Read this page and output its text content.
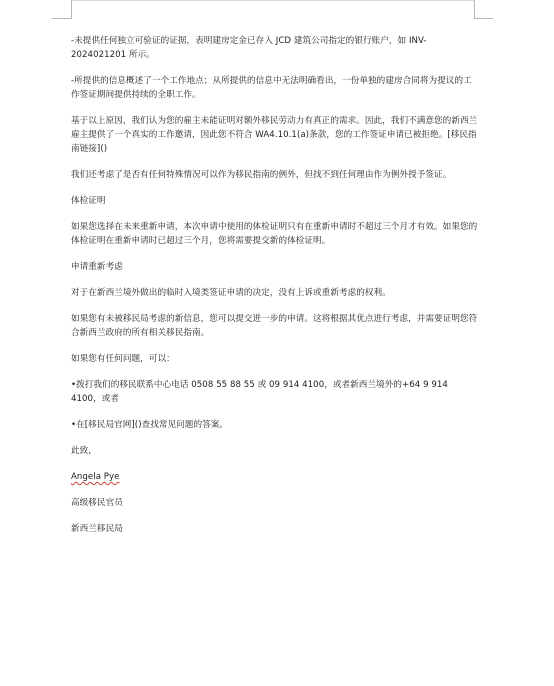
-未提供任何独立可验证的证据，表明建房定金已存入 JCD 建筑公司指定的银行账户，如 INV-2024021201 所示。

-所提供的信息概述了一个工作地点；从所提供的信息中无法明确看出，一份单独的建房合同将为提议的工作签证期间提供持续的全职工作。

基于以上原因，我们认为您的雇主未能证明对额外移民劳动力有真正的需求。因此，我们不满意您的新西兰雇主提供了一个真实的工作邀请，因此您不符合 WA4.10.1(a)条款，您的工作签证申请已被拒绝。[移民指南链接]()

我们还考虑了是否有任何特殊情况可以作为移民指南的例外，但找不到任何理由作为例外授予签证。

体检证明

如果您选择在未来重新申请，本次申请中使用的体检证明只有在重新申请时不超过三个月才有效。如果您的体检证明在重新申请时已超过三个月，您将需要提交新的体检证明。

申请重新考虑

对于在新西兰境外做出的临时入境类签证申请的决定，没有上诉或重新考虑的权利。

如果您有未被移民局考虑的新信息，您可以提交进一步的申请。这将根据其优点进行考虑，并需要证明您符合新西兰政府的所有相关移民指南。

如果您有任何问题，可以：

•拨打我们的移民联系中心电话 0508 55 88 55 或 09 914 4100，或者新西兰境外的+64 9 914 4100，或者

•在[移民局官网]()查找常见问题的答案。

此致，

Angela Pye

高级移民官员

新西兰移民局
